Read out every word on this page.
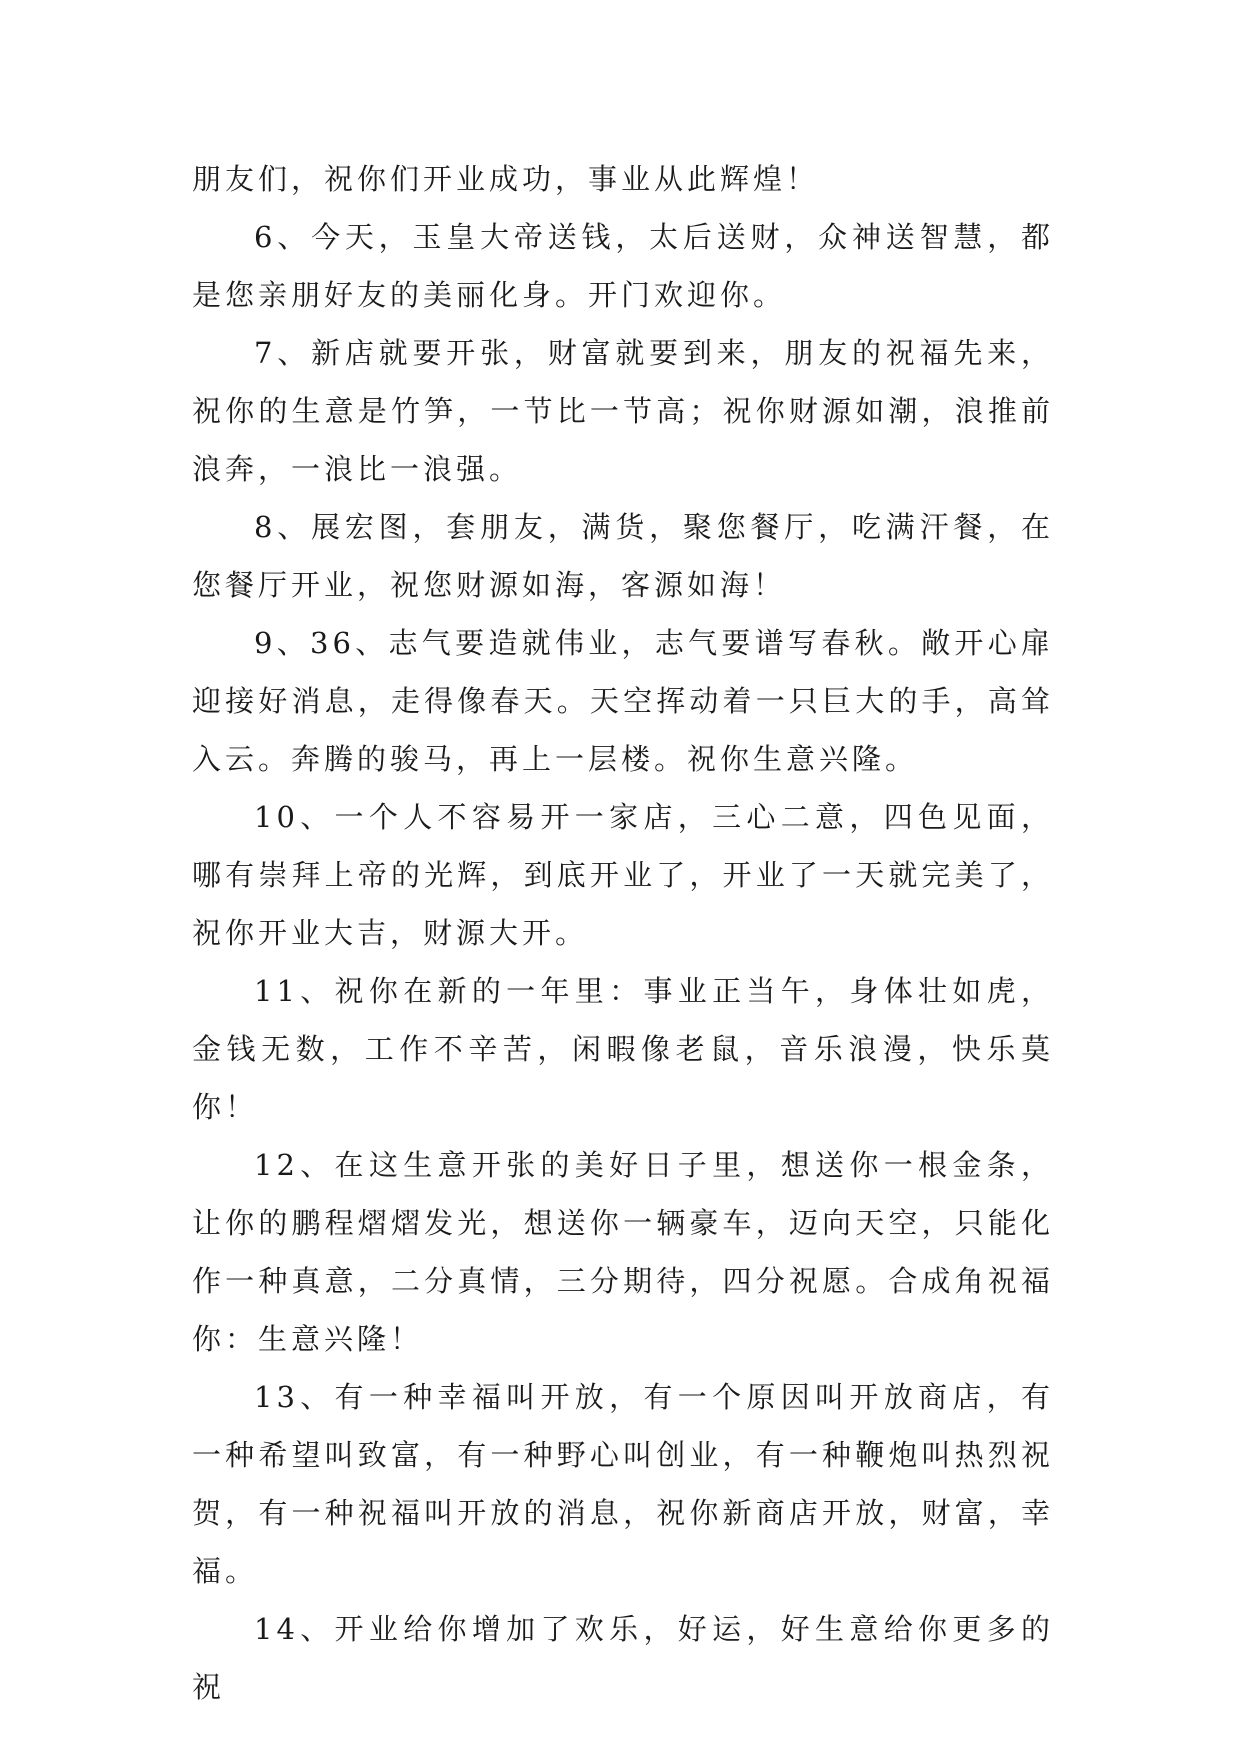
朋友们，祝你们开业成功，事业从此辉煌！

6、今天，玉皇大帝送钱，太后送财，众神送智慧，都是您亲朋好友的美丽化身。开门欢迎你。

7、新店就要开张，财富就要到来，朋友的祝福先来，祝你的生意是竹笋，一节比一节高；祝你财源如潮，浪推前浪奔，一浪比一浪强。

8、展宏图，套朋友，满货，聚您餐厅，吃满汗餐，在您餐厅开业，祝您财源如海，客源如海！

9、36、志气要造就伟业，志气要谱写春秋。敞开心扉迎接好消息，走得像春天。天空挥动着一只巨大的手，高耸入云。奔腾的骏马，再上一层楼。祝你生意兴隆。

10、一个人不容易开一家店，三心二意，四色见面，哪有崇拜上帝的光辉，到底开业了，开业了一天就完美了，祝你开业大吉，财源大开。

11、祝你在新的一年里：事业正当午，身体壮如虎，金钱无数，工作不辛苦，闲暇像老鼠，音乐浪漫，快乐莫你！

12、在这生意开张的美好日子里，想送你一根金条，让你的鹏程熠熠发光，想送你一辆豪车，迈向天空，只能化作一种真意，二分真情，三分期待，四分祝愿。合成角祝福你：生意兴隆！

13、有一种幸福叫开放，有一个原因叫开放商店，有一种希望叫致富，有一种野心叫创业，有一种鞭炮叫热烈祝贺，有一种祝福叫开放的消息，祝你新商店开放，财富，幸福。

14、开业给你增加了欢乐，好运，好生意给你更多的祝
